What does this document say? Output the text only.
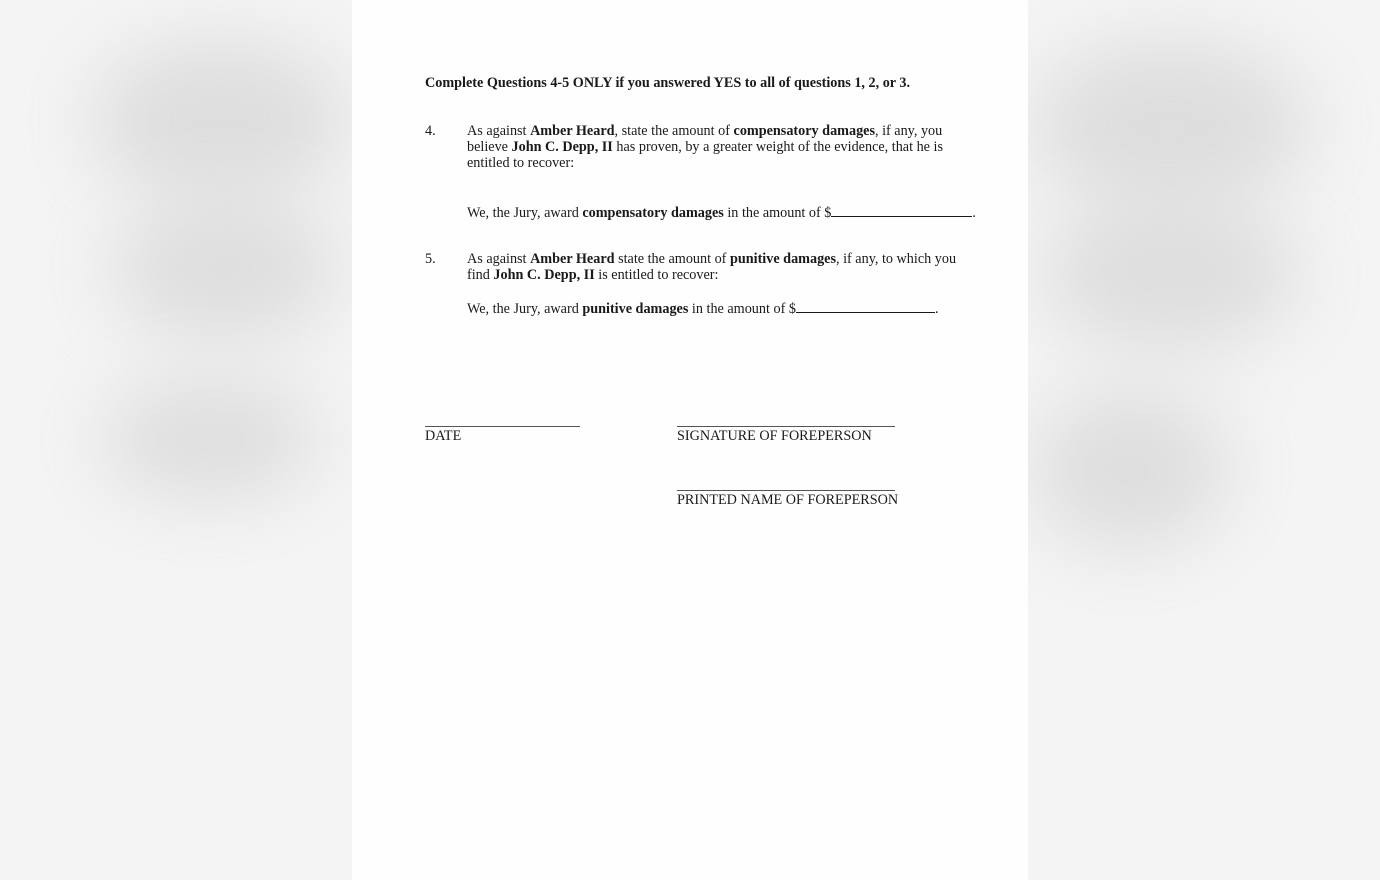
Complete Questions 4-5 ONLY if you answered YES to all of questions 1, 2, or 3.

4.	As against Amber Heard, state the amount of compensatory damages, if any, you believe John C. Depp, II has proven, by a greater weight of the evidence, that he is entitled to recover:
We, the Jury, award compensatory damages in the amount of $	.
5.	As against Amber Heard state the amount of punitive damages, if any, to which you find John C. Depp, II is entitled to recover:
We, the Jury, award punitive damages in the amount of $	.
DATE	SIGNATURE OF FOREPERSON
PRINTED NAME OF FOREPERSON
